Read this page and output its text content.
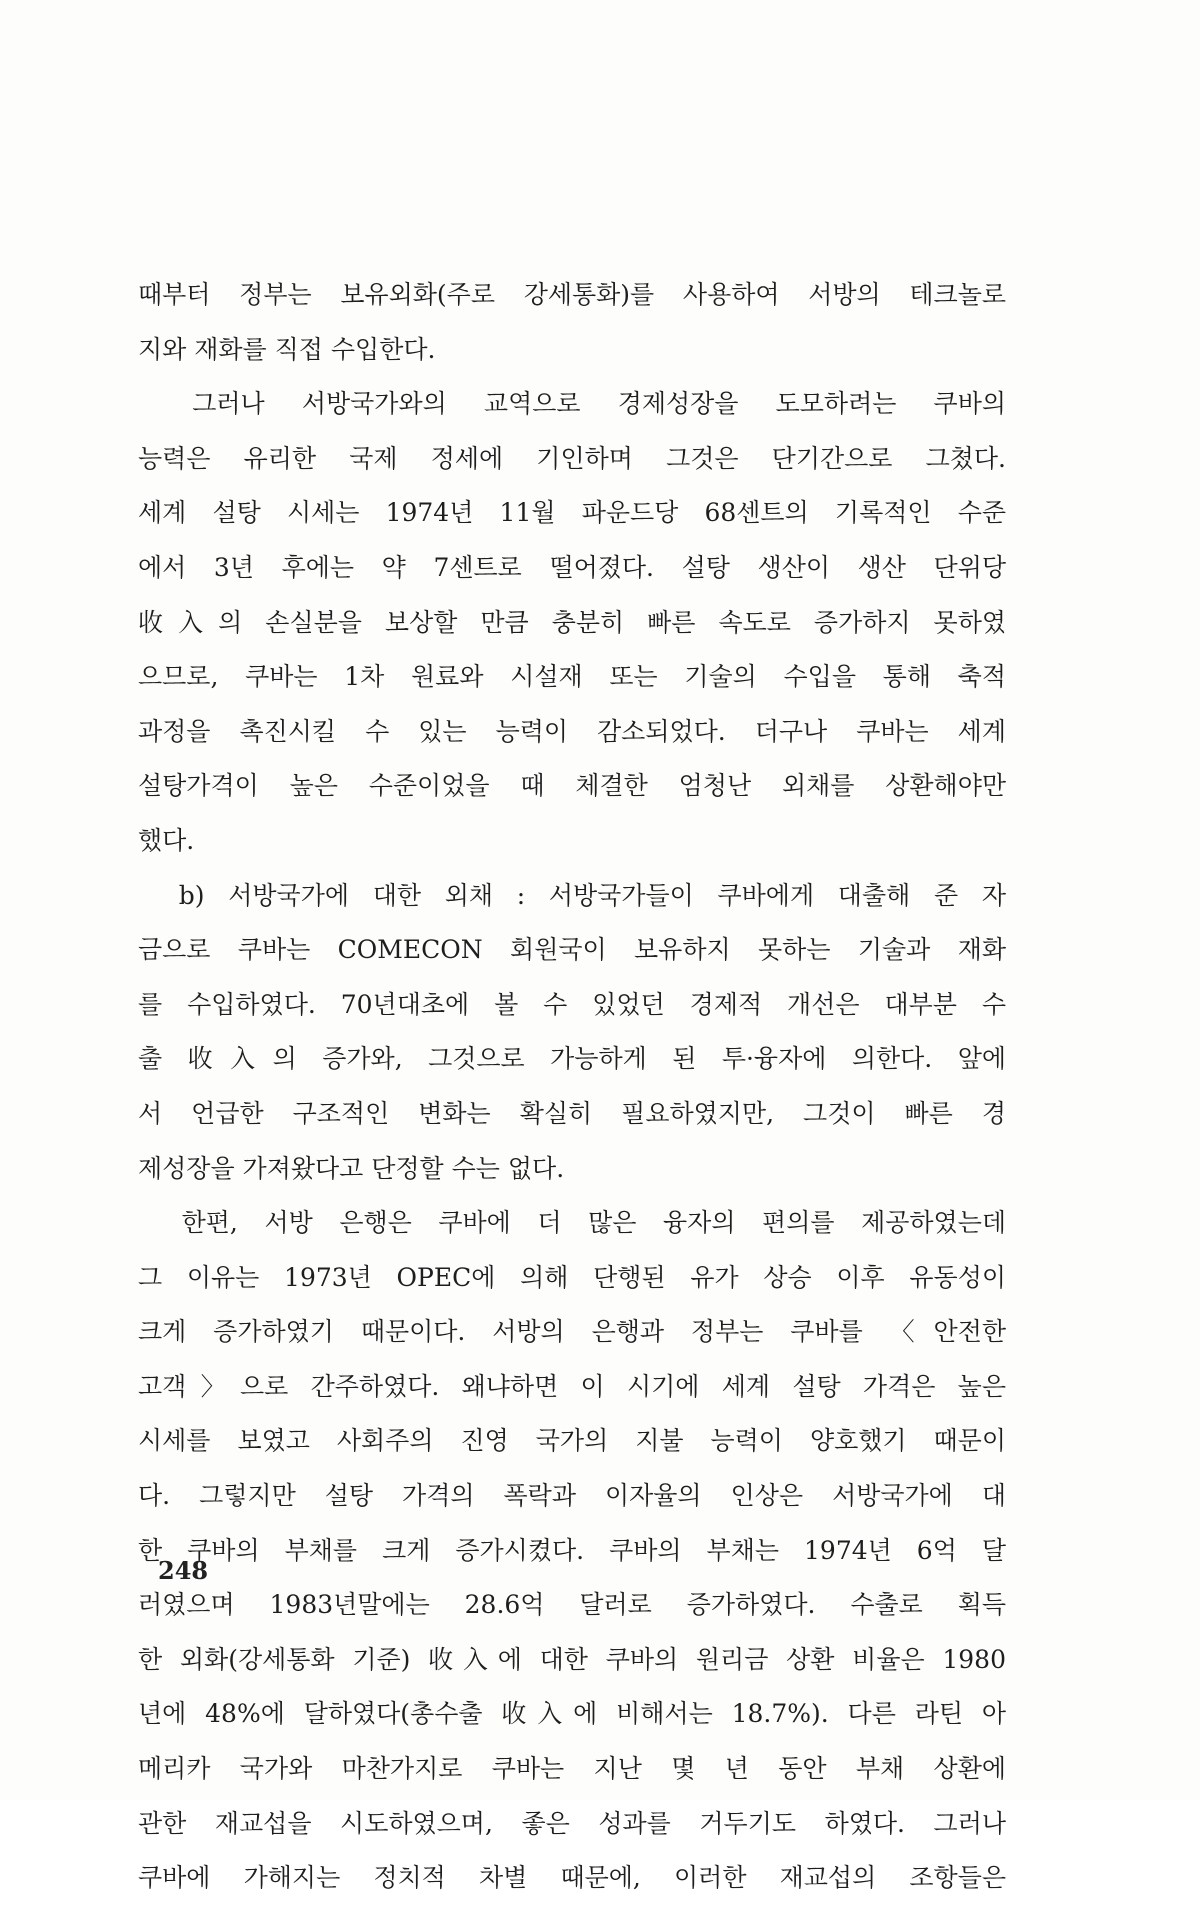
때부터 정부는 보유외화(주로 강세통화)를 사용하여 서방의 테크놀로
지와 재화를 직접 수입한다.
　그러나 서방국가와의 교역으로 경제성장을 도모하려는 쿠바의
능력은 유리한 국제 정세에 기인하며 그것은 단기간으로 그쳤다.
세계 설탕 시세는 1974년 11월 파운드당 68센트의 기록적인 수준
에서 3년 후에는 약 7센트로 떨어졌다. 설탕 생산이 생산 단위당
收入의 손실분을 보상할 만큼 충분히 빠른 속도로 증가하지 못하였
으므로, 쿠바는 1차 원료와 시설재 또는 기술의 수입을 통해 축적
과정을 촉진시킬 수 있는 능력이 감소되었다. 더구나 쿠바는 세계
설탕가격이 높은 수준이었을 때 체결한 엄청난 외채를 상환해야만
했다.
　b) 서방국가에 대한 외채 : 서방국가들이 쿠바에게 대출해 준 자
금으로 쿠바는 COMECON 회원국이 보유하지 못하는 기술과 재화
를 수입하였다. 70년대초에 볼 수 있었던 경제적 개선은 대부분 수
출 收入의 증가와, 그것으로 가능하게 된 투·융자에 의한다. 앞에
서 언급한 구조적인 변화는 확실히 필요하였지만, 그것이 빠른 경
제성장을 가져왔다고 단정할 수는 없다.
　한편, 서방 은행은 쿠바에 더 많은 융자의 편의를 제공하였는데
그 이유는 1973년 OPEC에 의해 단행된 유가 상승 이후 유동성이
크게 증가하였기 때문이다. 서방의 은행과 정부는 쿠바를 〈안전한
고객〉으로 간주하였다. 왜냐하면 이 시기에 세계 설탕 가격은 높은
시세를 보였고 사회주의 진영 국가의 지불 능력이 양호했기 때문이
다. 그렇지만 설탕 가격의 폭락과 이자율의 인상은 서방국가에 대
한 쿠바의 부채를 크게 증가시켰다. 쿠바의 부채는 1974년 6억 달
러였으며 1983년말에는 28.6억 달러로 증가하였다. 수출로 획득
한 외화(강세통화 기준) 收入에 대한 쿠바의 원리금 상환 비율은 1980
년에 48%에 달하였다(총수출 收入에 비해서는 18.7%). 다른 라틴 아
메리카 국가와 마찬가지로 쿠바는 지난 몇 년 동안 부채 상환에
관한 재교섭을 시도하였으며, 좋은 성과를 거두기도 하였다. 그러나
쿠바에 가해지는 정치적 차별 때문에, 이러한 재교섭의 조항들은
248
